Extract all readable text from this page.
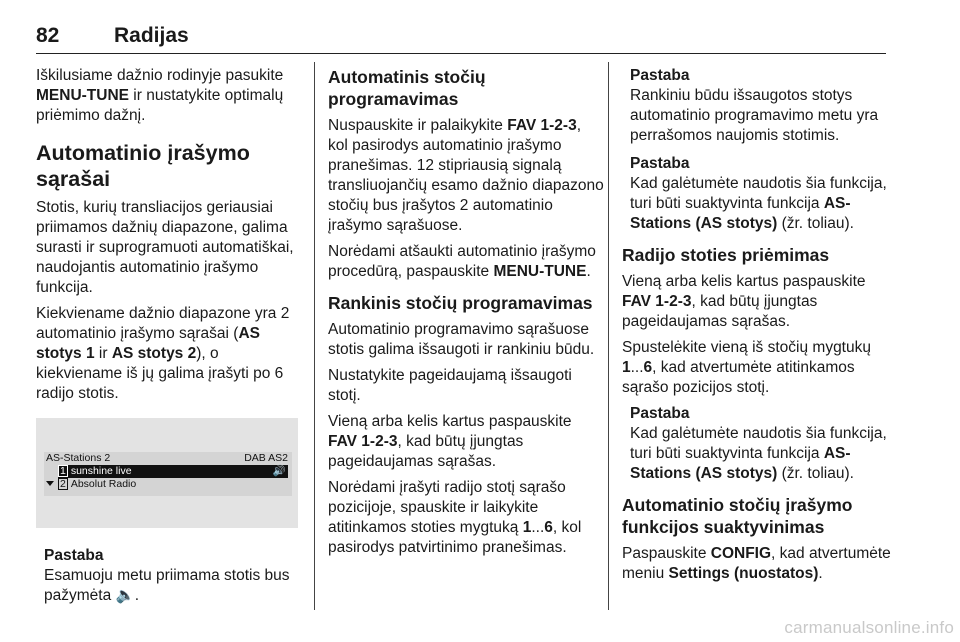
82	Radijas

Iškilusiame dažnio rodinyje pasukite MENU-TUNE ir nustatykite optimalų priėmimo dažnį.

Automatinio įrašymo sąrašai

Stotis, kurių transliacijos geriausiai priimamos dažnių diapazone, galima surasti ir suprogramuoti automatiškai, naudojantis automatinio įrašymo funkcija.

Kiekviename dažnio diapazone yra 2 automatinio įrašymo sąrašai (AS stotys 1 ir AS stotys 2), o kiekviename iš jų galima įrašyti po 6 radijo stotis.

AS-Stations 2	DAB AS2
1 sunshine live	🔊
2 Absolut Radio
Pastaba
Esamuoju metu priimama stotis bus pažymėta 🔈.
Automatinis stočių programavimas

Nuspauskite ir palaikykite FAV 1-2-3, kol pasirodys automatinio įrašymo pranešimas. 12 stipriausią signalą transliuojančių esamo dažnio diapazono stočių bus įrašytos 2 automatinio įrašymo sąrašuose.

Norėdami atšaukti automatinio įrašymo procedūrą, paspauskite MENU-TUNE.

Rankinis stočių programavimas

Automatinio programavimo sąrašuose stotis galima išsaugoti ir rankiniu būdu.

Nustatykite pageidaujamą išsaugoti stotį.

Vieną arba kelis kartus paspauskite FAV 1-2-3, kad būtų įjungtas pageidaujamas sąrašas.

Norėdami įrašyti radijo stotį sąrašo pozicijoje, spauskite ir laikykite atitinkamos stoties mygtuką 1...6, kol pasirodys patvirtinimo pranešimas.

Pastaba
Rankiniu būdu išsaugotos stotys automatinio programavimo metu yra perrašomos naujomis stotimis.
Pastaba
Kad galėtumėte naudotis šia funkcija, turi būti suaktyvinta funkcija AS-Stations (AS stotys) (žr. toliau).
Radijo stoties priėmimas

Vieną arba kelis kartus paspauskite FAV 1-2-3, kad būtų įjungtas pageidaujamas sąrašas.

Spustelėkite vieną iš stočių mygtukų 1...6, kad atvertumėte atitinkamos sąrašo pozicijos stotį.

Pastaba
Kad galėtumėte naudotis šia funkcija, turi būti suaktyvinta funkcija AS-Stations (AS stotys) (žr. toliau).
Automatinio stočių įrašymo funkcijos suaktyvinimas

Paspauskite CONFIG, kad atvertumėte meniu Settings (nuostatos).

carmanualsonline.info
